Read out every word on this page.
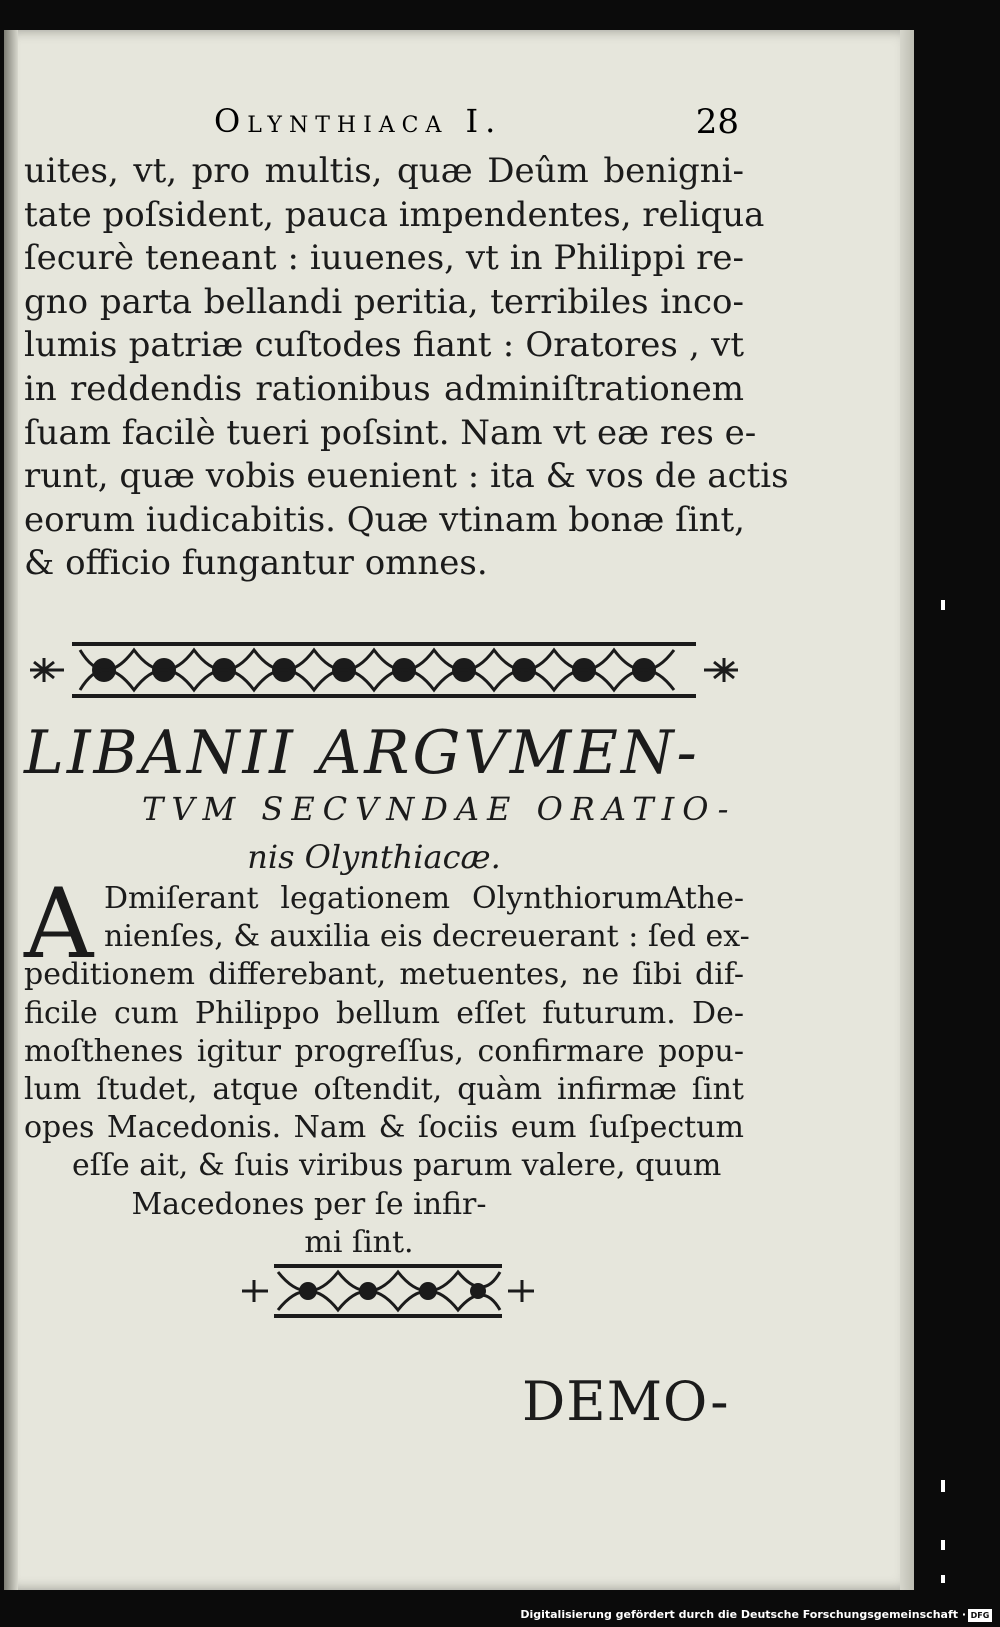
Olynthiaca I.	28
uites, vt, pro multis, quæ Deûm benigni-
tate poſsident, pauca impendentes, reliqua
ſecurè teneant : iuuenes, vt in Philippi re-
gno parta bellandi peritia, terribiles inco-
lumis patriæ cuſtodes fiant : Oratores , vt
in reddendis rationibus adminiſtrationem
ſuam facilè tueri poſsint. Nam vt eæ res e-
runt, quæ vobis euenient : ita & vos de actis
eorum iudicabitis. Quæ vtinam bonæ ſint,
& officio fungantur omnes.
LIBANII ARGVMEN-
TVM SECVNDAE ORATIO-
nis Olynthiacæ.
A Dmiſerant legationem OlynthiorumAthe-
nienſes, & auxilia eis decreuerant : ſed ex-
peditionem differebant, metuentes, ne ſibi dif-
ficile cum Philippo bellum eſſet futurum. De-
moſthenes igitur progreſſus, confirmare popu-
lum ſtudet, atque oſtendit, quàm infirmæ ſint
opes Macedonis. Nam & ſociis eum ſuſpectum
eſſe ait, & ſuis viribus parum valere, quum
Macedones per ſe infir-
mi ſint.
DEMO-
Digitalisierung gefördert durch die Deutsche Forschungsgemeinschaft · DFG
